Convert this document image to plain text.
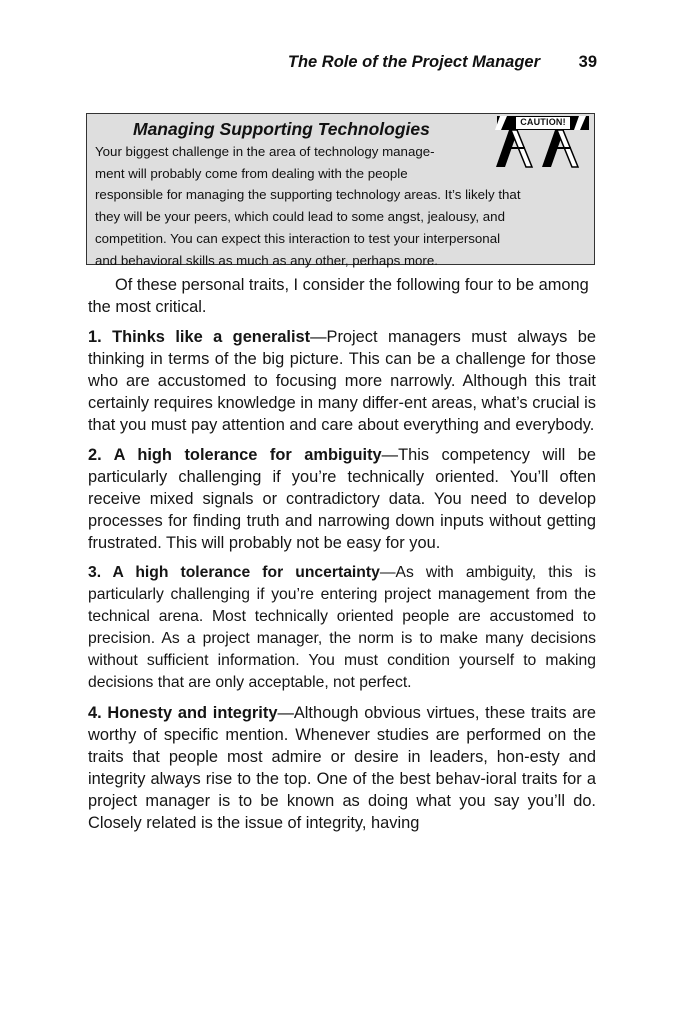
The Role of the Project Manager 39
CAUTION!
Managing Supporting Technologies
Your biggest challenge in the area of technology manage-
ment will probably come from dealing with the people
responsible for managing the supporting technology areas. It’s likely that
they will be your peers, which could lead to some angst, jealousy, and
competition. You can expect this interaction to test your interpersonal
and behavioral skills as much as any other, perhaps more.

Of these personal traits, I consider the following four to be among the most critical.

1. Thinks like a generalist—Project managers must always be thinking in terms of the big picture. This can be a challenge for those who are accustomed to focusing more narrowly. Although this trait certainly requires knowledge in many differ-ent areas, what’s crucial is that you must pay attention and care about everything and everybody.

2. A high tolerance for ambiguity—This competency will be particularly challenging if you’re technically oriented. You’ll often receive mixed signals or contradictory data. You need to develop processes for finding truth and narrowing down inputs without getting frustrated. This will probably not be easy for you.

3. A high tolerance for uncertainty—As with ambiguity, this is particularly challenging if you’re entering project management from the technical arena. Most technically oriented people are accustomed to precision. As a project manager, the norm is to make many decisions without sufficient information. You must condition yourself to making decisions that are only acceptable, not perfect.

4. Honesty and integrity—Although obvious virtues, these traits are worthy of specific mention. Whenever studies are performed on the traits that people most admire or desire in leaders, hon-esty and integrity always rise to the top. One of the best behav-ioral traits for a project manager is to be known as doing what you say you’ll do. Closely related is the issue of integrity, having
